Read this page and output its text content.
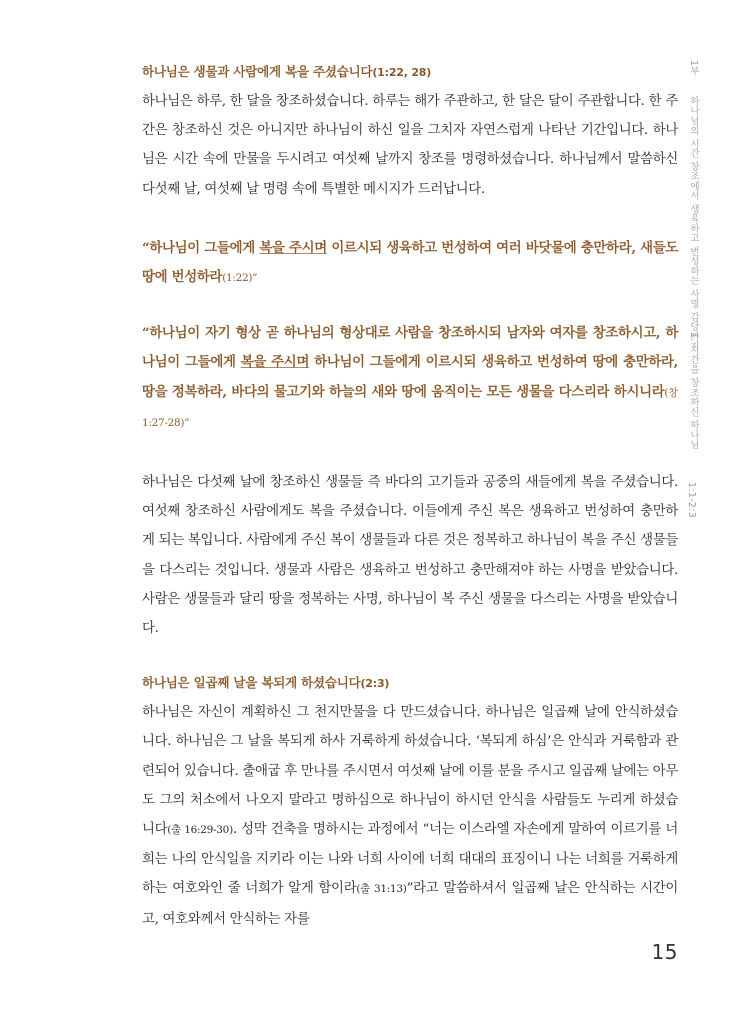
하나님은 생물과 사람에게 복을 주셨습니다(1:22, 28)

하나님은 하루, 한 달을 창조하셨습니다. 하루는 해가 주관하고, 한 달은 달이 주관합니다. 한 주간은 창조하신 것은 아니지만 하나님이 하신 일을 그치자 자연스럽게 나타난 기간입니다. 하나님은 시간 속에 만물을 두시려고 여섯째 날까지 창조를 명령하셨습니다. 하나님께서 말씀하신 다섯째 날, 여섯째 날 명령 속에 특별한 메시지가 드러납니다.

“하나님이 그들에게 복을 주시며 이르시되 생육하고 번성하여 여러 바닷물에 충만하라, 새들도 땅에 번성하라(1:22)”

“하나님이 자기 형상 곧 하나님의 형상대로 사람을 창조하시되 남자와 여자를 창조하시고, 하나님이 그들에게 복을 주시며 하나님이 그들에게 이르시되 생육하고 번성하여 땅에 충만하라, 땅을 정복하라, 바다의 물고기와 하늘의 새와 땅에 움직이는 모든 생물을 다스리라 하시니라(창 1:27-28)”

하나님은 다섯째 날에 창조하신 생물들 즉 바다의 고기들과 공중의 새들에게 복을 주셨습니다. 여섯째 창조하신 사람에게도 복을 주셨습니다. 이들에게 주신 복은 생육하고 번성하여 충만하게 되는 복입니다. 사람에게 주신 복이 생물들과 다른 것은 정복하고 하나님이 복을 주신 생물들을 다스리는 것입니다. 생물과 사람은 생육하고 번성하고 충만해져야 하는 사명을 받았습니다. 사람은 생물들과 달리 땅을 정복하는 사명, 하나님이 복 주신 생물을 다스리는 사명을 받았습니다.

하나님은 일곱째 날을 복되게 하셨습니다(2:3)

하나님은 자신이 계획하신 그 천지만물을 다 만드셨습니다. 하나님은 일곱째 날에 안식하셨습니다. 하나님은 그 날을 복되게 하사 거룩하게 하셨습니다. ‘복되게 하심’은 안식과 거룩함과 관련되어 있습니다. 출애굽 후 만나를 주시면서 여섯째 날에 이를 분을 주시고 일곱째 날에는 아무도 그의 처소에서 나오지 말라고 명하심으로 하나님이 하시던 안식을 사람들도 누리게 하셨습니다(출 16:29-30). 성막 건축을 명하시는 과정에서 “너는 이스라엘 자손에게 말하여 이르기를 너희는 나의 안식일을 지키라 이는 나와 너희 사이에 너희 대대의 표징이니 나는 너희를 거룩하게 하는 여호와인 줄 너희가 알게 함이라(출 31:13)”라고 말씀하셔서 일곱째 날은 안식하는 시간이고, 여호와께서 안식하는 자를

1부
하나님의 시간 창조에서 생육하고 번성하는 사명 감당까지
1. 시간을 창조하신 하나님
1:1-2:3
15
